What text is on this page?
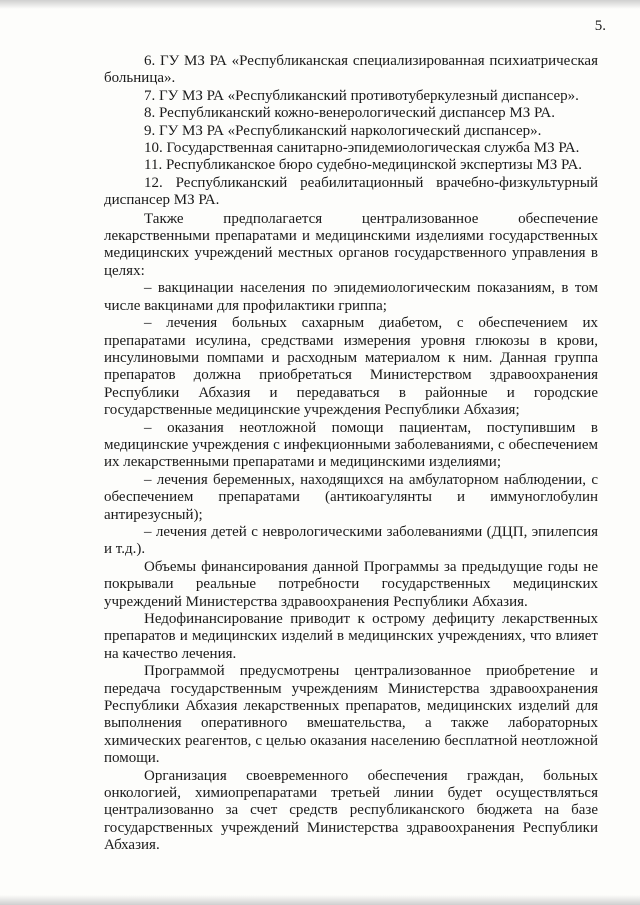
5.

6. ГУ МЗ РА «Республиканская специализированная психиатрическая больница».

7. ГУ МЗ РА «Республиканский противотуберкулезный диспансер».

8. Республиканский кожно-венерологический диспансер МЗ РА.

9. ГУ МЗ РА «Республиканский наркологический диспансер».

10. Государственная санитарно-эпидемиологическая служба МЗ РА.

11. Республиканское бюро судебно-медицинской экспертизы МЗ РА.

12. Республиканский реабилитационный врачебно-физкультурный диспансер МЗ РА.

Также предполагается централизованное обеспечение лекарственными препаратами и медицинскими изделиями государственных медицинских учреждений местных органов государственного управления в целях:

– вакцинации населения по эпидемиологическим показаниям, в том числе вакцинами для профилактики гриппа;

– лечения больных сахарным диабетом, с обеспечением их препаратами исулина, средствами измерения уровня глюкозы в крови, инсулиновыми помпами и расходным материалом к ним. Данная группа препаратов должна приобретаться Министерством здравоохранения Республики Абхазия и передаваться в районные и городские государственные медицинские учреждения Республики Абхазия;

– оказания неотложной помощи пациентам, поступившим в медицинские учреждения с инфекционными заболеваниями, с обеспечением их лекарственными препаратами и медицинскими изделиями;

– лечения беременных, находящихся на амбулаторном наблюдении, с обеспечением препаратами (антикоагулянты и иммуноглобулин антирезусный);

– лечения детей с неврологическими заболеваниями (ДЦП, эпилепсия и т.д.).

Объемы финансирования данной Программы за предыдущие годы не покрывали реальные потребности государственных медицинских учреждений Министерства здравоохранения Республики Абхазия.

Недофинансирование приводит к острому дефициту лекарственных препаратов и медицинских изделий в медицинских учреждениях, что влияет на качество лечения.

Программой предусмотрены централизованное приобретение и передача государственным учреждениям Министерства здравоохранения Республики Абхазия лекарственных препаратов, медицинских изделий для выполнения оперативного вмешательства, а также лабораторных химических реагентов, с целью оказания населению бесплатной неотложной помощи.

Организация своевременного обеспечения граждан, больных онкологией, химиопрепаратами третьей линии будет осуществляться централизованно за счет средств республиканского бюджета на базе государственных учреждений Министерства здравоохранения Республики Абхазия.
